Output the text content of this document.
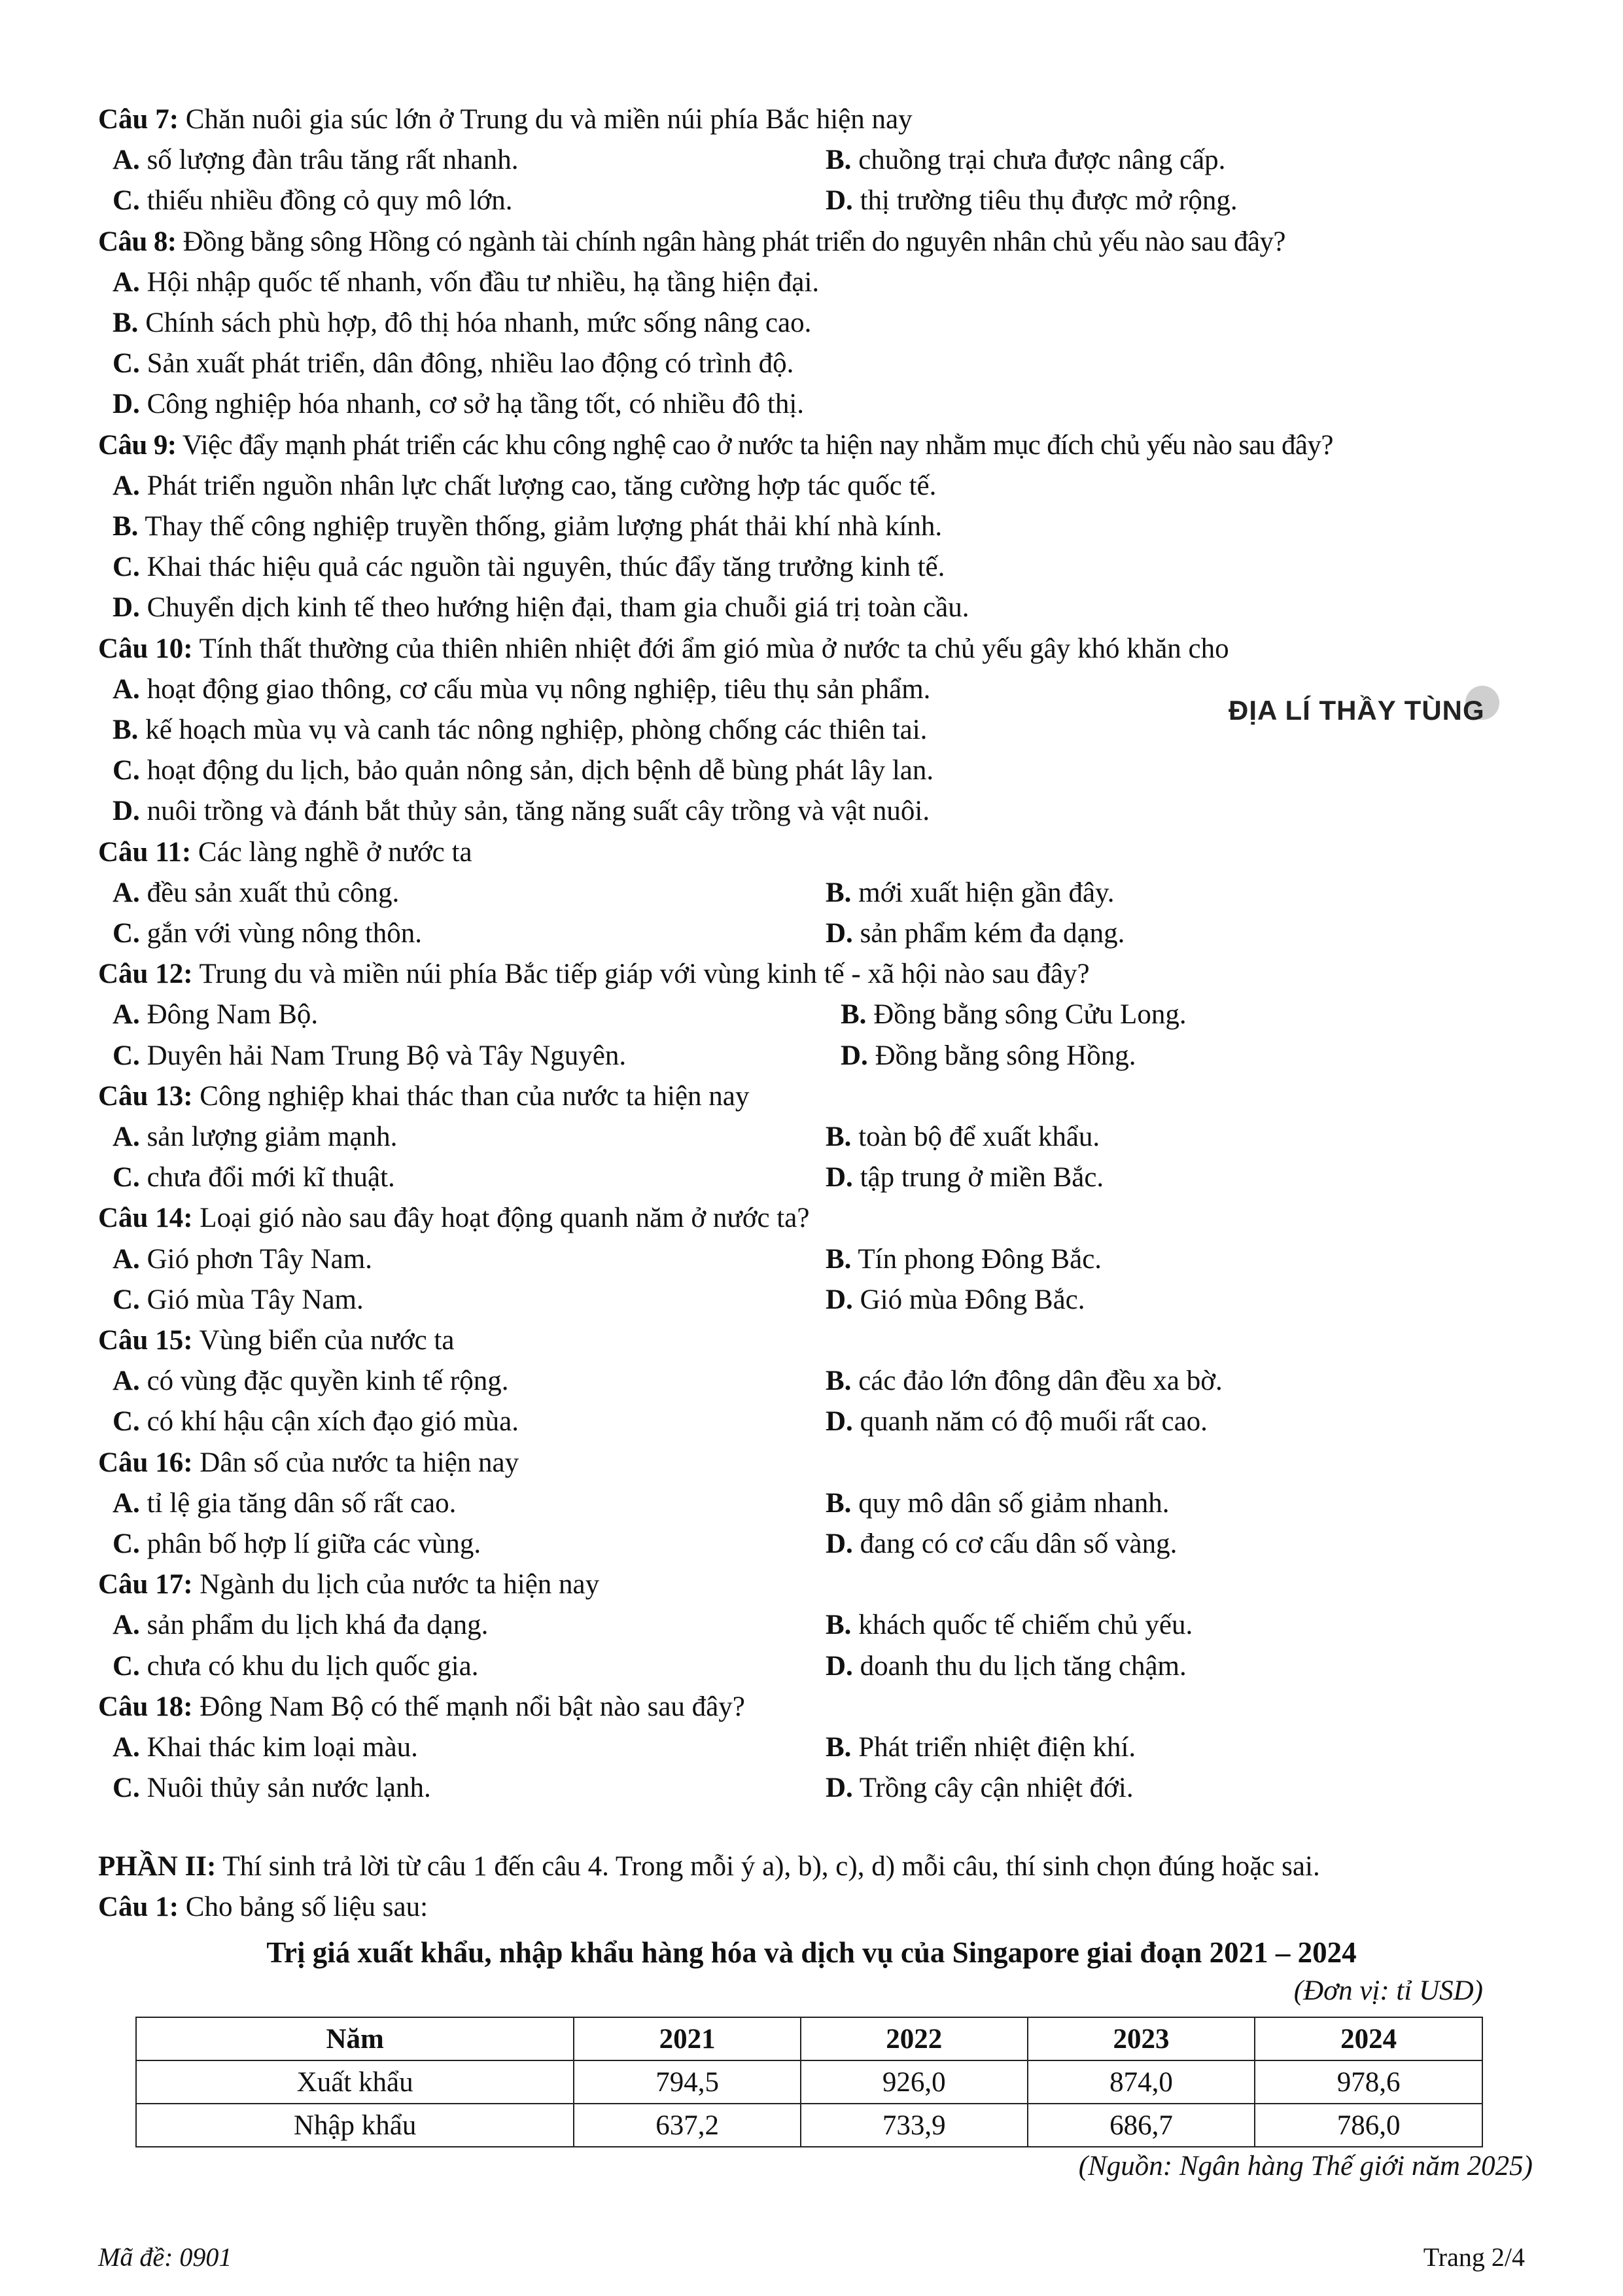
Câu 7: Chăn nuôi gia súc lớn ở Trung du và miền núi phía Bắc hiện nay
A. số lượng đàn trâu tăng rất nhanh.	B. chuồng trại chưa được nâng cấp.
C. thiếu nhiều đồng cỏ quy mô lớn.	D. thị trường tiêu thụ được mở rộng.
Câu 8: Đồng bằng sông Hồng có ngành tài chính ngân hàng phát triển do nguyên nhân chủ yếu nào sau đây?
A. Hội nhập quốc tế nhanh, vốn đầu tư nhiều, hạ tầng hiện đại.
B. Chính sách phù hợp, đô thị hóa nhanh, mức sống nâng cao.
C. Sản xuất phát triển, dân đông, nhiều lao động có trình độ.
D. Công nghiệp hóa nhanh, cơ sở hạ tầng tốt, có nhiều đô thị.
Câu 9: Việc đẩy mạnh phát triển các khu công nghệ cao ở nước ta hiện nay nhằm mục đích chủ yếu nào sau đây?
A. Phát triển nguồn nhân lực chất lượng cao, tăng cường hợp tác quốc tế.
B. Thay thế công nghiệp truyền thống, giảm lượng phát thải khí nhà kính.
C. Khai thác hiệu quả các nguồn tài nguyên, thúc đẩy tăng trưởng kinh tế.
D. Chuyển dịch kinh tế theo hướng hiện đại, tham gia chuỗi giá trị toàn cầu.
Câu 10: Tính thất thường của thiên nhiên nhiệt đới ẩm gió mùa ở nước ta chủ yếu gây khó khăn cho
A. hoạt động giao thông, cơ cấu mùa vụ nông nghiệp, tiêu thụ sản phẩm.
B. kế hoạch mùa vụ và canh tác nông nghiệp, phòng chống các thiên tai.
C. hoạt động du lịch, bảo quản nông sản, dịch bệnh dễ bùng phát lây lan.
D. nuôi trồng và đánh bắt thủy sản, tăng năng suất cây trồng và vật nuôi.
Câu 11: Các làng nghề ở nước ta
A. đều sản xuất thủ công.	B. mới xuất hiện gần đây.
C. gắn với vùng nông thôn.	D. sản phẩm kém đa dạng.
Câu 12: Trung du và miền núi phía Bắc tiếp giáp với vùng kinh tế - xã hội nào sau đây?
A. Đông Nam Bộ.	B. Đồng bằng sông Cửu Long.
C. Duyên hải Nam Trung Bộ và Tây Nguyên.	D. Đồng bằng sông Hồng.
Câu 13: Công nghiệp khai thác than của nước ta hiện nay
A. sản lượng giảm mạnh.	B. toàn bộ để xuất khẩu.
C. chưa đổi mới kĩ thuật.	D. tập trung ở miền Bắc.
Câu 14: Loại gió nào sau đây hoạt động quanh năm ở nước ta?
A. Gió phơn Tây Nam.	B. Tín phong Đông Bắc.
C. Gió mùa Tây Nam.	D. Gió mùa Đông Bắc.
Câu 15: Vùng biển của nước ta
A. có vùng đặc quyền kinh tế rộng.	B. các đảo lớn đông dân đều xa bờ.
C. có khí hậu cận xích đạo gió mùa.	D. quanh năm có độ muối rất cao.
Câu 16: Dân số của nước ta hiện nay
A. tỉ lệ gia tăng dân số rất cao.	B. quy mô dân số giảm nhanh.
C. phân bố hợp lí giữa các vùng.	D. đang có cơ cấu dân số vàng.
Câu 17: Ngành du lịch của nước ta hiện nay
A. sản phẩm du lịch khá đa dạng.	B. khách quốc tế chiếm chủ yếu.
C. chưa có khu du lịch quốc gia.	D. doanh thu du lịch tăng chậm.
Câu 18: Đông Nam Bộ có thế mạnh nổi bật nào sau đây?
A. Khai thác kim loại màu.	B. Phát triển nhiệt điện khí.
C. Nuôi thủy sản nước lạnh.	D. Trồng cây cận nhiệt đới.
ĐỊA LÍ THẦY TÙNG
PHẦN II: Thí sinh trả lời từ câu 1 đến câu 4. Trong mỗi ý a), b), c), d) mỗi câu, thí sinh chọn đúng hoặc sai.
Câu 1: Cho bảng số liệu sau:
Trị giá xuất khẩu, nhập khẩu hàng hóa và dịch vụ của Singapore giai đoạn 2021 – 2024
(Đơn vị: tỉ USD)
Năm	2021	2022	2023	2024
Xuất khẩu	794,5	926,0	874,0	978,6
Nhập khẩu	637,2	733,9	686,7	786,0
(Nguồn: Ngân hàng Thế giới năm 2025)
Mã đề: 0901	Trang 2/4
